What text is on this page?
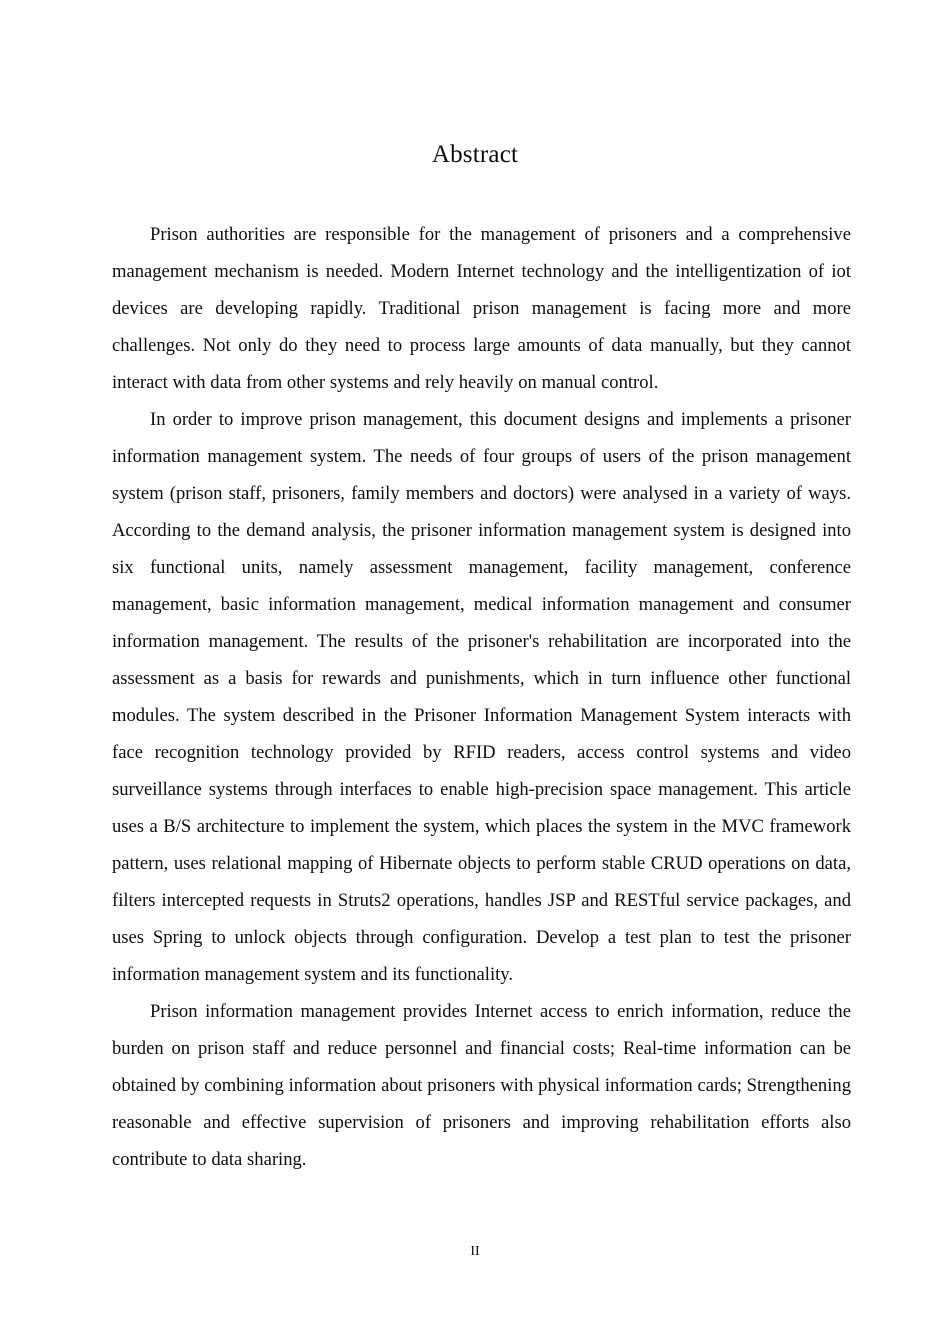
Abstract

Prison authorities are responsible for the management of prisoners and a comprehensive management mechanism is needed. Modern Internet technology and the intelligentization of iot devices are developing rapidly. Traditional prison management is facing more and more challenges. Not only do they need to process large amounts of data manually, but they cannot interact with data from other systems and rely heavily on manual control.

In order to improve prison management, this document designs and implements a prisoner information management system. The needs of four groups of users of the prison management system (prison staff, prisoners, family members and doctors) were analysed in a variety of ways. According to the demand analysis, the prisoner information management system is designed into six functional units, namely assessment management, facility management, conference management, basic information management, medical information management and consumer information management. The results of the prisoner's rehabilitation are incorporated into the assessment as a basis for rewards and punishments, which in turn influence other functional modules. The system described in the Prisoner Information Management System interacts with face recognition technology provided by RFID readers, access control systems and video surveillance systems through interfaces to enable high-precision space management. This article uses a B/S architecture to implement the system, which places the system in the MVC framework pattern, uses relational mapping of Hibernate objects to perform stable CRUD operations on data, filters intercepted requests in Struts2 operations, handles JSP and RESTful service packages, and uses Spring to unlock objects through configuration. Develop a test plan to test the prisoner information management system and its functionality.

Prison information management provides Internet access to enrich information, reduce the burden on prison staff and reduce personnel and financial costs; Real-time information can be obtained by combining information about prisoners with physical information cards; Strengthening reasonable and effective supervision of prisoners and improving rehabilitation efforts also contribute to data sharing.

II
